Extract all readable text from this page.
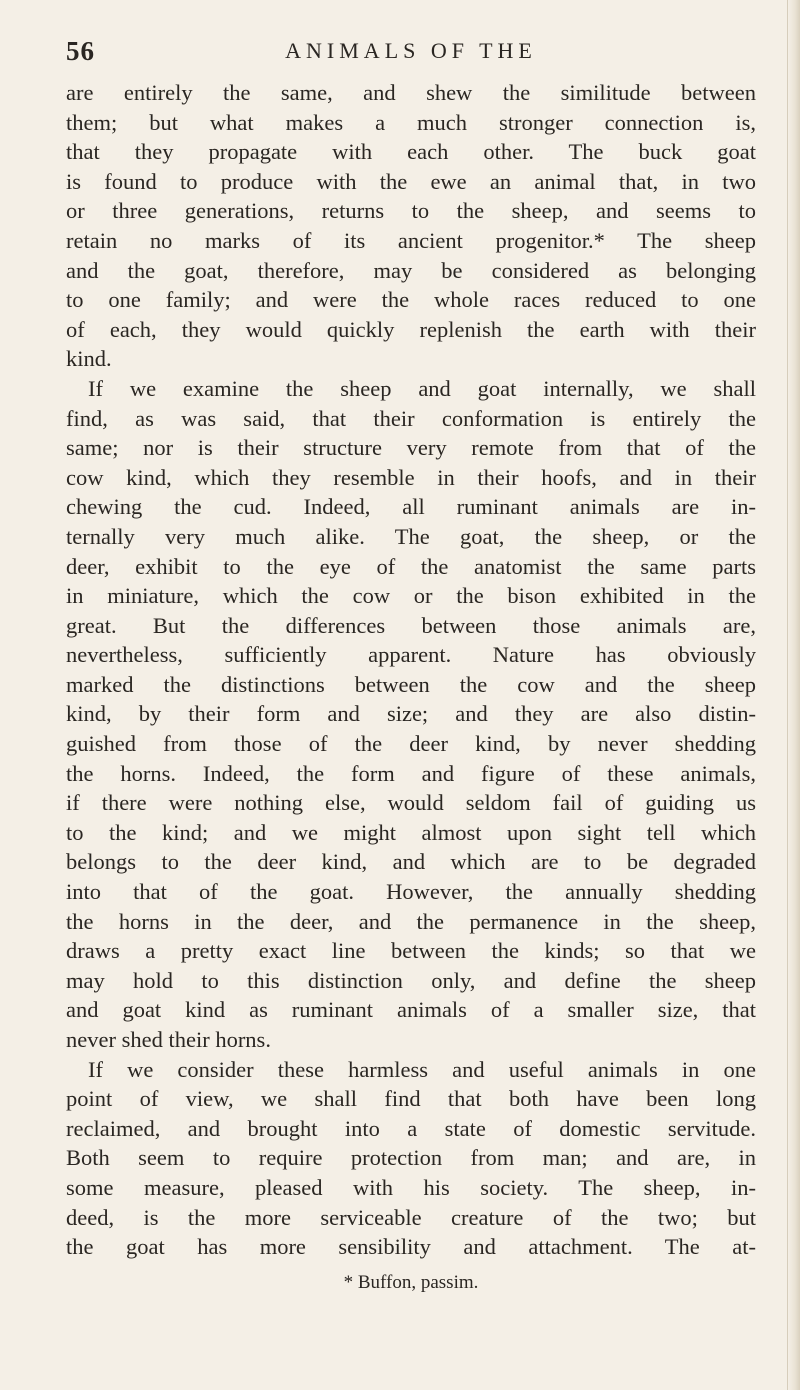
56	ANIMALS OF THE
are entirely the same, and shew the similitude between
them; but what makes a much stronger connection is,
that they propagate with each other. The buck goat
is found to produce with the ewe an animal that, in two
or three generations, returns to the sheep, and seems to
retain no marks of its ancient progenitor.* The sheep
and the goat, therefore, may be considered as belonging
to one family; and were the whole races reduced to one
of each, they would quickly replenish the earth with their
kind.
If we examine the sheep and goat internally, we shall
find, as was said, that their conformation is entirely the
same; nor is their structure very remote from that of the
cow kind, which they resemble in their hoofs, and in their
chewing the cud. Indeed, all ruminant animals are in-
ternally very much alike. The goat, the sheep, or the
deer, exhibit to the eye of the anatomist the same parts
in miniature, which the cow or the bison exhibited in the
great. But the differences between those animals are,
nevertheless, sufficiently apparent. Nature has obviously
marked the distinctions between the cow and the sheep
kind, by their form and size; and they are also distin-
guished from those of the deer kind, by never shedding
the horns. Indeed, the form and figure of these animals,
if there were nothing else, would seldom fail of guiding us
to the kind; and we might almost upon sight tell which
belongs to the deer kind, and which are to be degraded
into that of the goat. However, the annually shedding
the horns in the deer, and the permanence in the sheep,
draws a pretty exact line between the kinds; so that we
may hold to this distinction only, and define the sheep
and goat kind as ruminant animals of a smaller size, that
never shed their horns.
If we consider these harmless and useful animals in one
point of view, we shall find that both have been long
reclaimed, and brought into a state of domestic servitude.
Both seem to require protection from man; and are, in
some measure, pleased with his society. The sheep, in-
deed, is the more serviceable creature of the two; but
the goat has more sensibility and attachment. The at-
* Buffon, passim.
